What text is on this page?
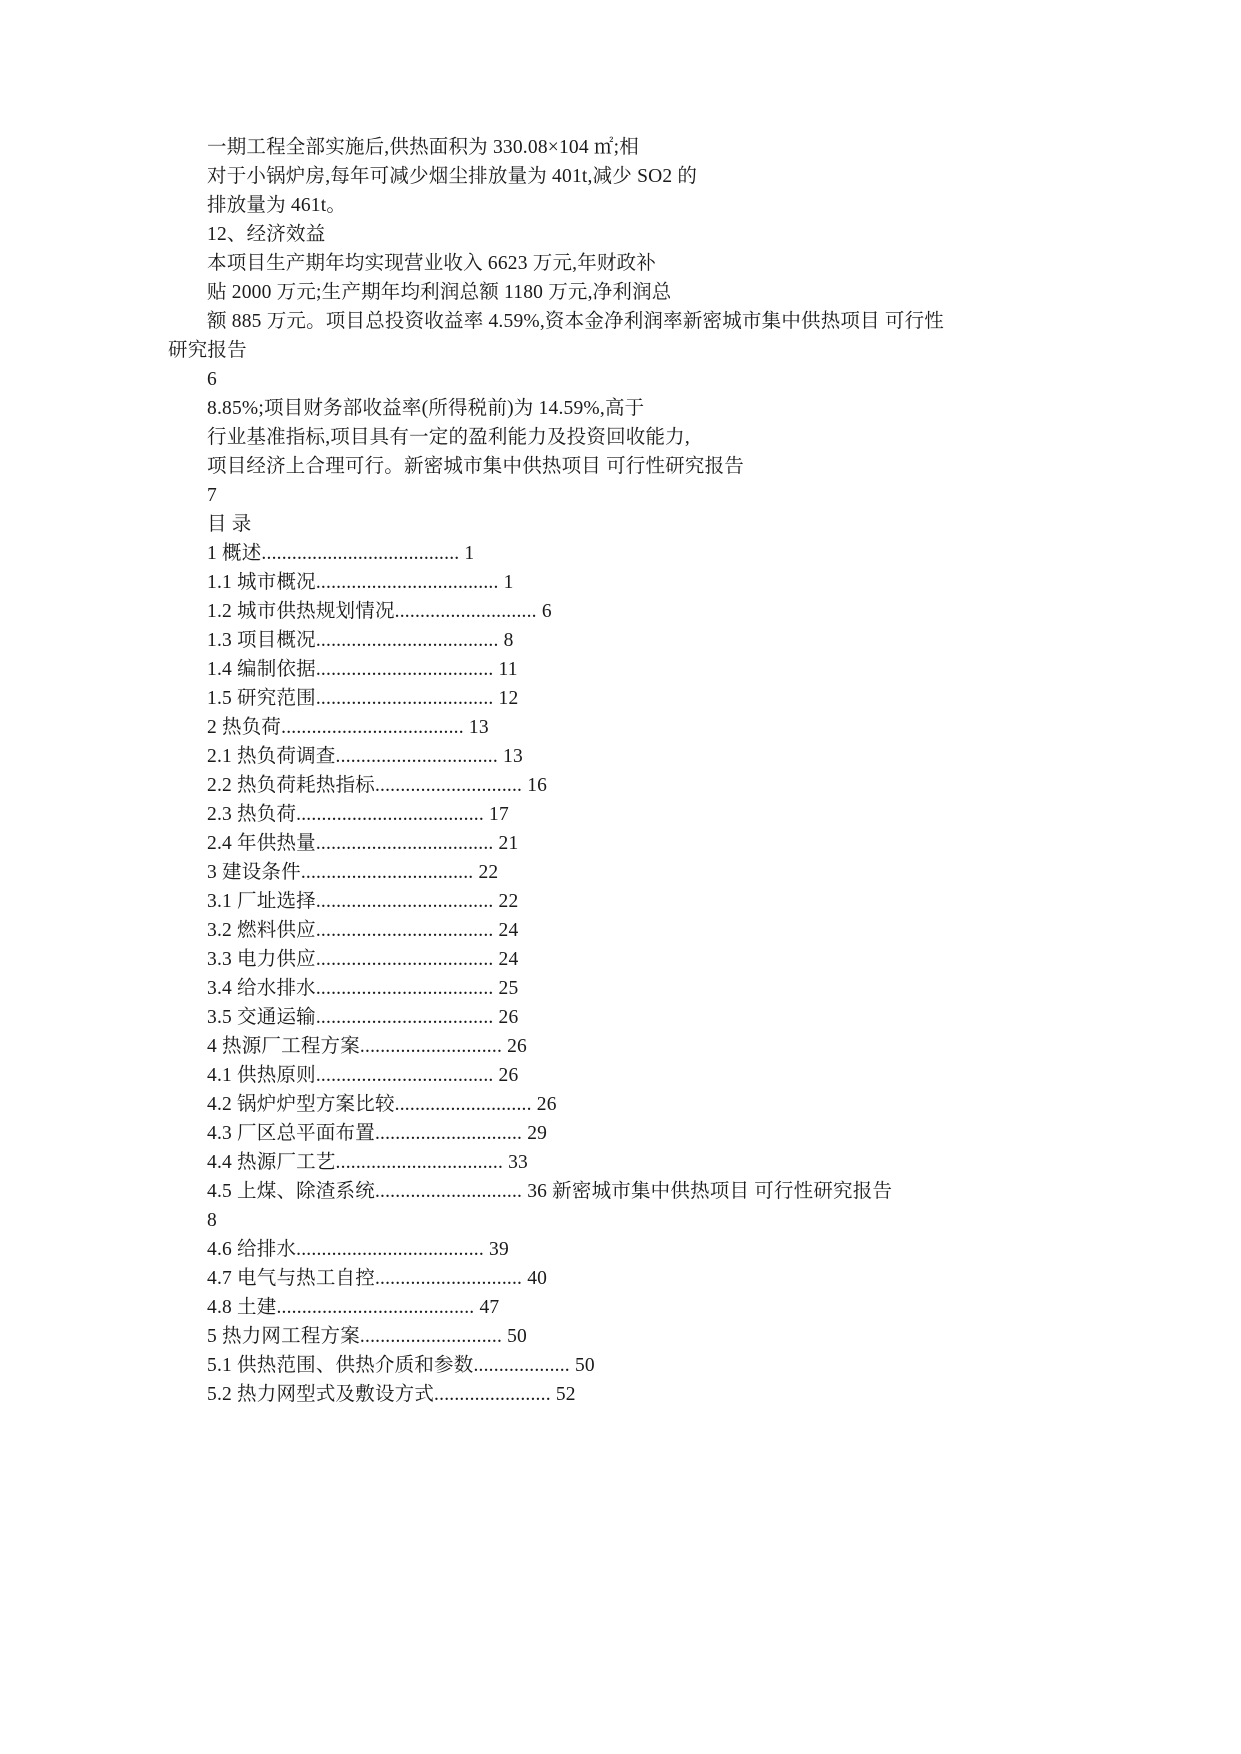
一期工程全部实施后,供热面积为 330.08×104 ㎡;相
对于小锅炉房,每年可减少烟尘排放量为 401t,减少 SO2 的
排放量为 461t。
12、经济效益
本项目生产期年均实现营业收入 6623 万元,年财政补
贴 2000 万元;生产期年均利润总额 1180 万元,净利润总
额 885 万元。项目总投资收益率 4.59%,资本金净利润率新密城市集中供热项目 可行性
研究报告
6
8.85%;项目财务部收益率(所得税前)为 14.59%,高于
行业基准指标,项目具有一定的盈利能力及投资回收能力,
项目经济上合理可行。新密城市集中供热项目 可行性研究报告
7
目 录
1 概述....................................... 1
1.1 城市概况.................................... 1
1.2 城市供热规划情况............................ 6
1.3 项目概况.................................... 8
1.4 编制依据................................... 11
1.5 研究范围................................... 12
2 热负荷.................................... 13
2.1 热负荷调查................................ 13
2.2 热负荷耗热指标............................. 16
2.3 热负荷..................................... 17
2.4 年供热量................................... 21
3 建设条件.................................. 22
3.1 厂址选择................................... 22
3.2 燃料供应................................... 24
3.3 电力供应................................... 24
3.4 给水排水................................... 25
3.5 交通运输................................... 26
4 热源厂工程方案............................ 26
4.1 供热原则................................... 26
4.2 锅炉炉型方案比较........................... 26
4.3 厂区总平面布置............................. 29
4.4 热源厂工艺................................. 33
4.5 上煤、除渣系统............................. 36 新密城市集中供热项目 可行性研究报告
8
4.6 给排水..................................... 39
4.7 电气与热工自控............................. 40
4.8 土建....................................... 47
5 热力网工程方案............................ 50
5.1 供热范围、供热介质和参数................... 50
5.2 热力网型式及敷设方式....................... 52
